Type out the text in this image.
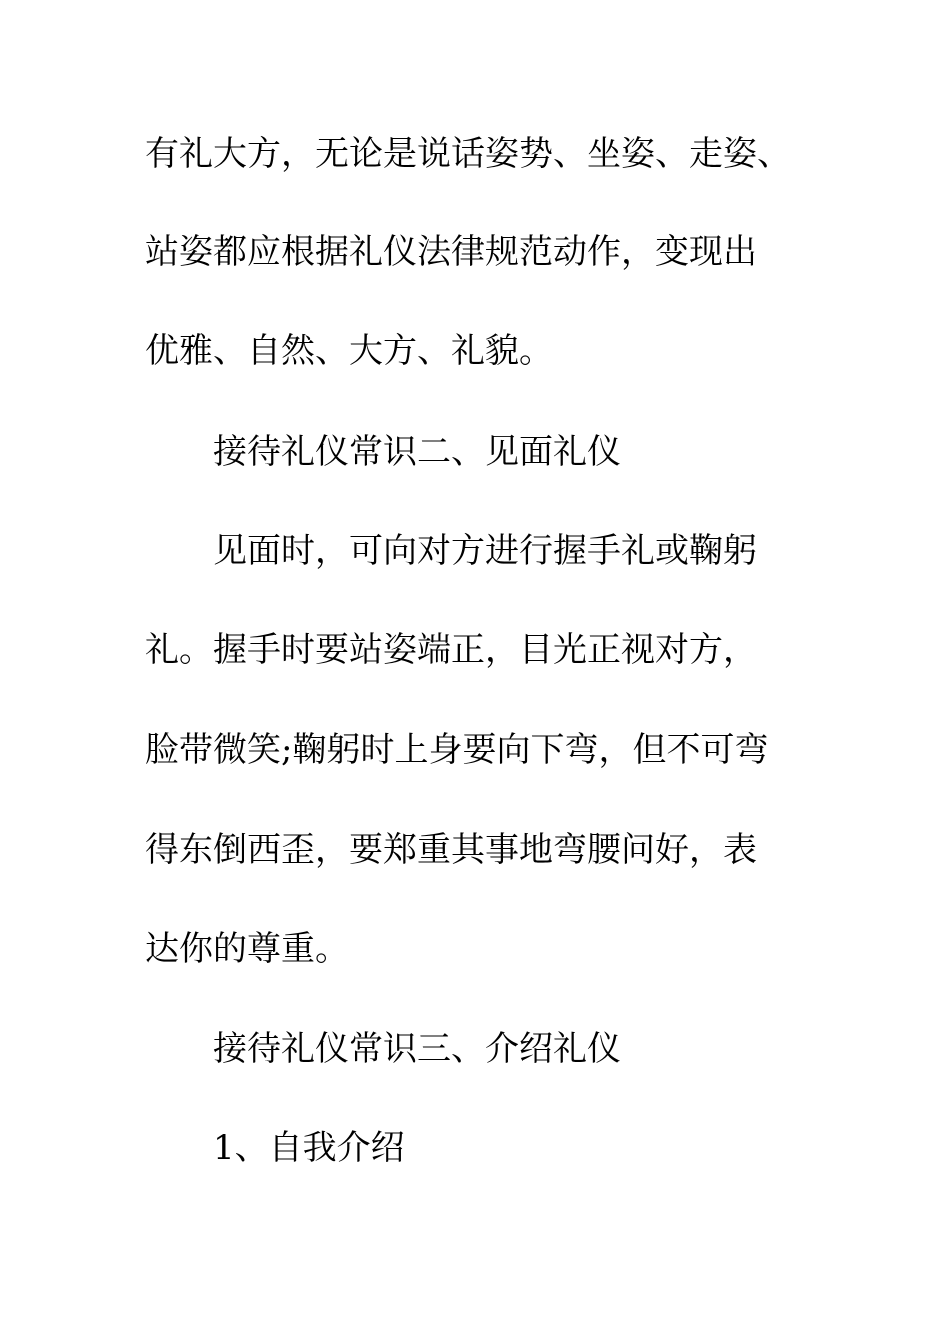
有礼大方，无论是说话姿势、坐姿、走姿、
站姿都应根据礼仪法律规范动作，变现出
优雅、自然、大方、礼貌。
接待礼仪常识二、见面礼仪
见面时，可向对方进行握手礼或鞠躬
礼。握手时要站姿端正，目光正视对方，
脸带微笑;鞠躬时上身要向下弯，但不可弯
得东倒西歪，要郑重其事地弯腰问好，表
达你的尊重。
接待礼仪常识三、介绍礼仪
1、自我介绍
